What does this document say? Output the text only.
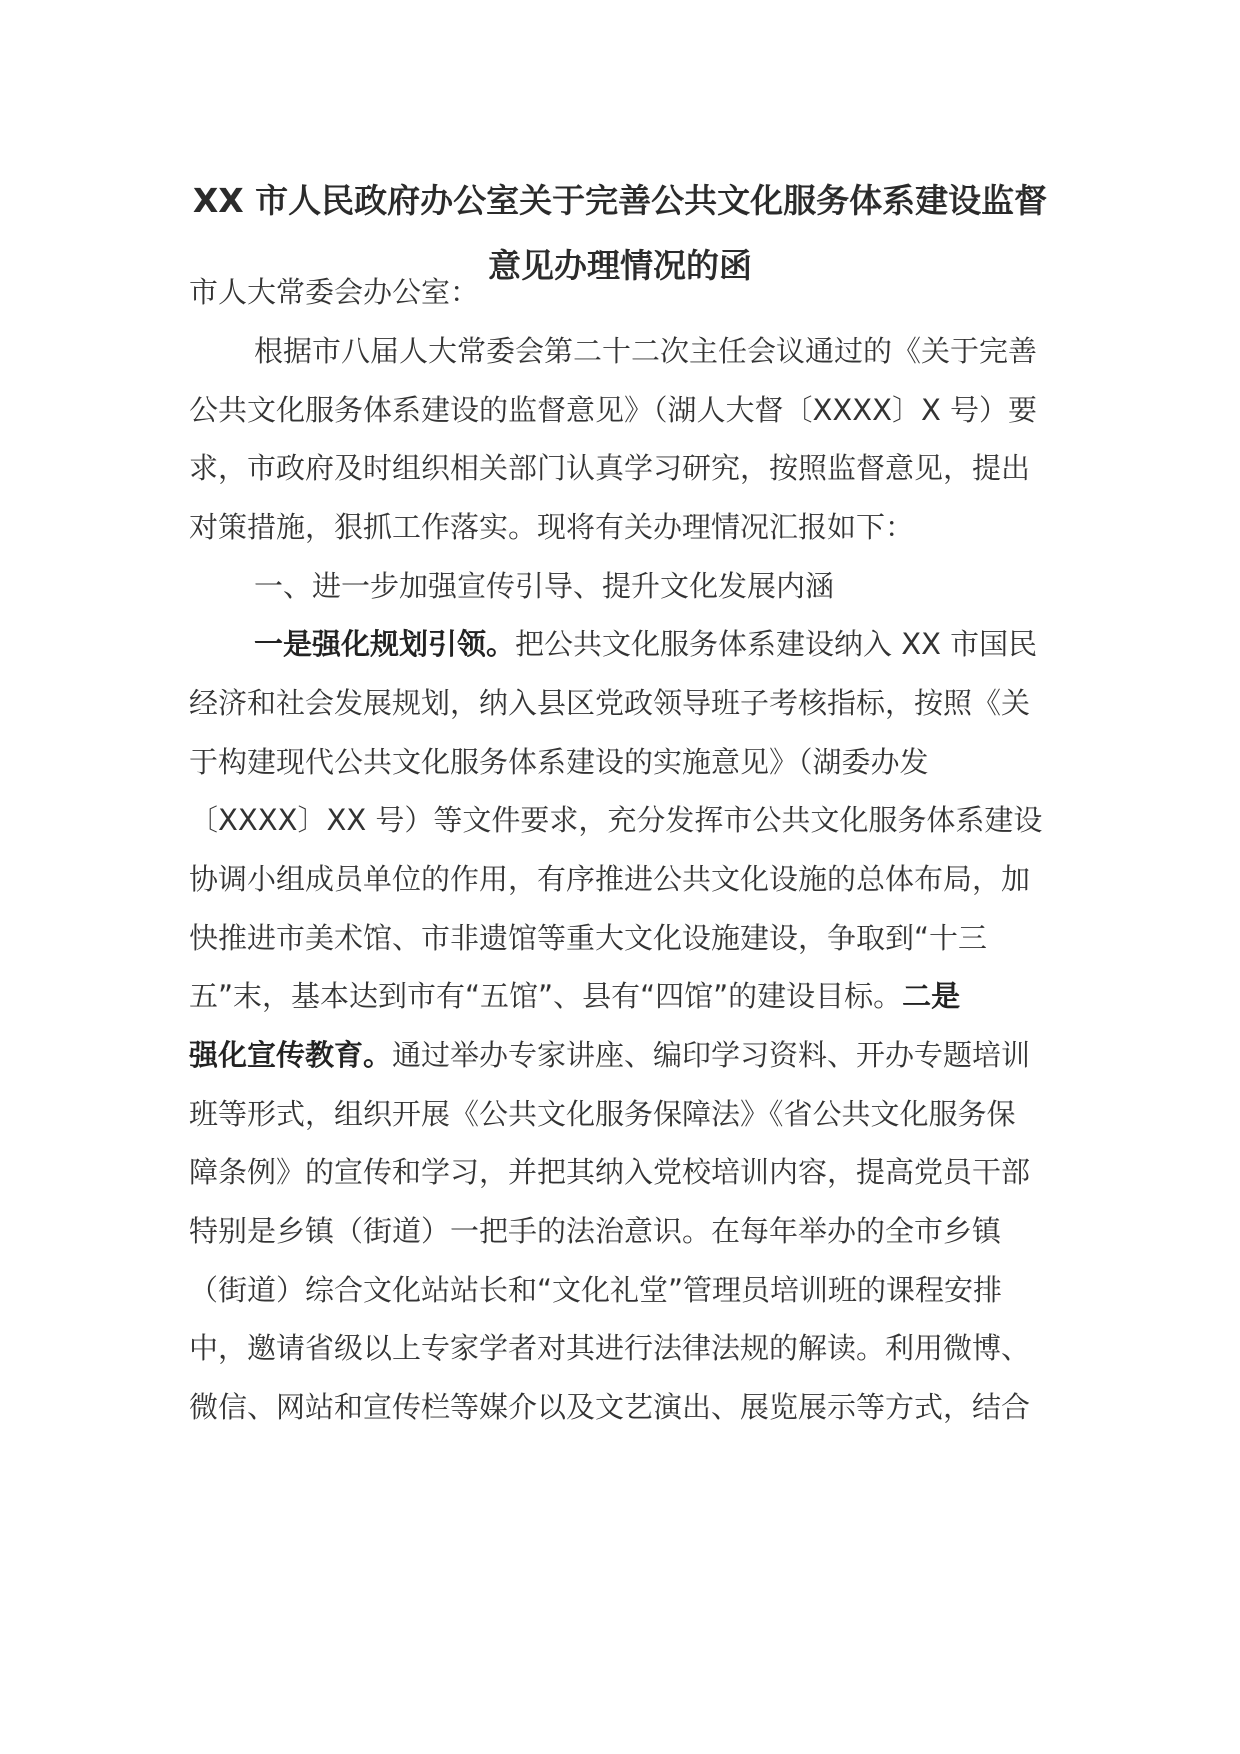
XX 市人民政府办公室关于完善公共文化服务体系建设监督
意见办理情况的函
市人大常委会办公室：
根据市八届人大常委会第二十二次主任会议通过的《关于完善
公共文化服务体系建设的监督意见》（湖人大督〔XXXX〕X 号）要
求，市政府及时组织相关部门认真学习研究，按照监督意见，提出
对策措施，狠抓工作落实。现将有关办理情况汇报如下：
一、进一步加强宣传引导、提升文化发展内涵
一是强化规划引领。把公共文化服务体系建设纳入 XX 市国民
经济和社会发展规划，纳入县区党政领导班子考核指标，按照《关
于构建现代公共文化服务体系建设的实施意见》（湖委办发
〔XXXX〕XX 号）等文件要求，充分发挥市公共文化服务体系建设
协调小组成员单位的作用，有序推进公共文化设施的总体布局，加
快推进市美术馆、市非遗馆等重大文化设施建设，争取到“十三
五”末，基本达到市有“五馆”、县有“四馆”的建设目标。二是
强化宣传教育。通过举办专家讲座、编印学习资料、开办专题培训
班等形式，组织开展《公共文化服务保障法》《省公共文化服务保
障条例》的宣传和学习，并把其纳入党校培训内容，提高党员干部
特别是乡镇（街道）一把手的法治意识。在每年举办的全市乡镇
（街道）综合文化站站长和“文化礼堂”管理员培训班的课程安排
中，邀请省级以上专家学者对其进行法律法规的解读。利用微博、
微信、网站和宣传栏等媒介以及文艺演出、展览展示等方式，结合
